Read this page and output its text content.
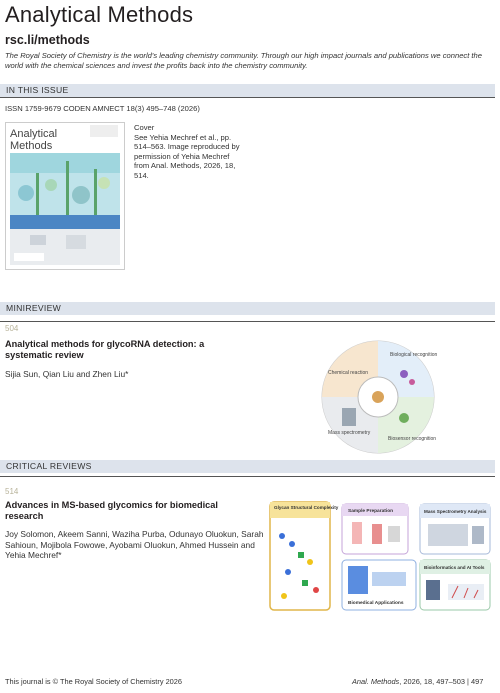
Analytical Methods
rsc.li/methods
The Royal Society of Chemistry is the world's leading chemistry community. Through our high impact journals and publications we connect the world with the chemical sciences and invest the profits back into the chemistry community.
IN THIS ISSUE
ISSN 1759-9679 CODEN AMNECT 18(3) 495–748 (2026)
Analytical
Methods
Cover
See Yehia Mechref et al., pp. 514–563. Image reproduced by permission of Yehia Mechref from Anal. Methods, 2026, 18, 514.
MINIREVIEW
504
Analytical methods for glycoRNA detection: a systematic review
Sijia Sun, Qian Liu and Zhen Liu*	Chemical reaction
Biological recognition
Mass spectrometry
Biosensor recognition
CRITICAL REVIEWS
514
Advances in MS-based glycomics for biomedical research
Joy Solomon, Akeem Sanni, Waziha Purba, Odunayo Oluokun, Sarah Sahioun, Mojibola Fowowe, Ayobami Oluokun, Ahmed Hussein and Yehia Mechref*
Glycan Structural Complexity
Sample Preparation	Mass Spectrometry Analysis
Biomedical Applications
Bioinformatics and AI Tools
This journal is © The Royal Society of Chemistry 2026	Anal. Methods, 2026, 18, 497–503 | 497
